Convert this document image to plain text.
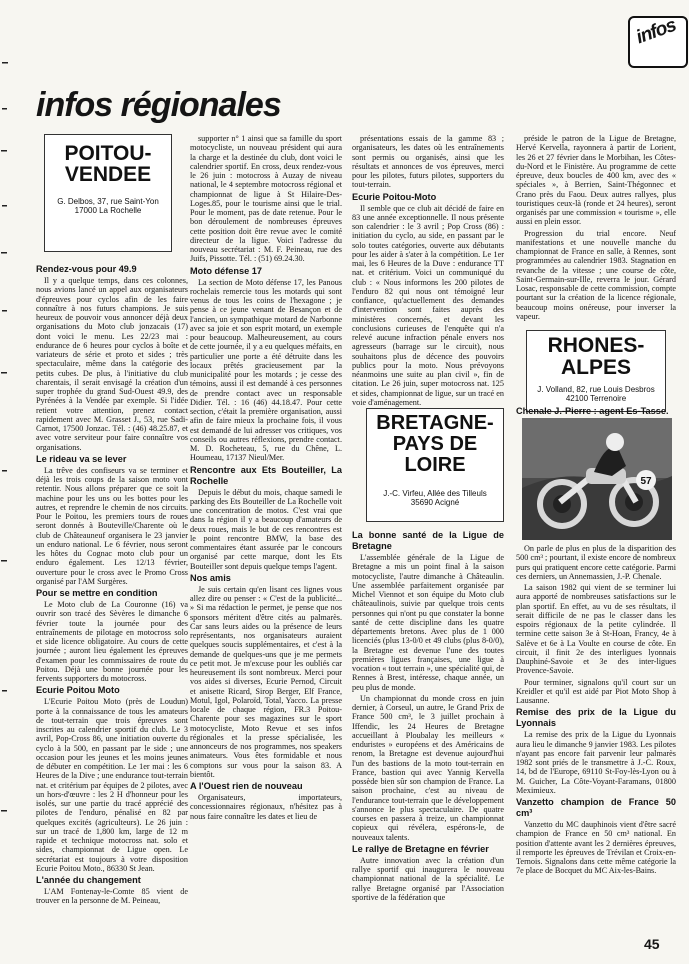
infos
infos régionales
Rendez-vous pour 49.9

Il y a quelque temps, dans ces colonnes, nous avions lancé un appel aux organisateurs d'épreuves pour cyclos afin de les faire connaître à nos futurs champions. Je suis heureux de pouvoir vous annoncer déjà deux organisations du Moto club jonzacais (17) dont voici le menu. Les 22/23 mai : endurance de 6 heures pour cyclos à boîte et variateurs de série et proto et sides ; très spectaculaire, même dans la catégorie des petits cubes. De plus, à l'initiative du club charentais, il serait envisagé la création d'un super trophée du grand Sud-Ouest 49.9, des Pyrénées à la Vendée par exemple. Si l'idée retient votre attention, prenez contact rapidement avec M. Grasset J., 53, rue Sadi-Carnot, 17500 Jonzac. Tél. : (46) 48.25.87, et avec votre serviteur pour faire connaître vos organisations.

Le rideau va se lever

La trêve des confiseurs va se terminer et déjà les trois coups de la saison moto vont retentir. Nous allons préparer que ce soit la machine pour les uns ou les bottes pour les autres, et reprendre le chemin de nos circuits. Pour le Poitou, les premiers tours de roues seront donnés à Bouteville/Charente où le club de Châteauneuf organisera le 23 janvier un enduro national. Le 6 février, nous seront les hôtes du Cognac moto club pour un enduro également. Les 12/13 février, ouverture pour le cross avec le Promo Cross organisé par l'AM Surgères.

Pour se mettre en condition

Le Moto club de La Couronne (16) va ouvrir son tracé des Sèvères le dimanche 6 février toute la journée pour des entraînements de pilotage en motocross solo et side licence obligatoire. Au cours de cette journée ; auront lieu également les épreuves d'examen pour les commissaires de route du Poitou. Déjà une bonne journée pour les fervents supporters du motocross.

Ecurie Poitou Moto

L'Ecurie Poitou Moto (près de Loudun) porte à la connaissance de tous les amateurs de tout-terrain que trois épreuves sont inscrites au calendrier sportif du club. Le 3 avril, Pop-Cross 86, une initiation ouverte du cyclo à la 500, en passant par le side ; une occasion pour les jeunes et les moins jeunes de débuter en compétition. Le 1er mai : les 6 Heures de la Dive ; une endurance tout-terrain nat. et critérium par équipes de 2 pilotes, avec un hors-d'œuvre : les 2 H d'honneur pour les isolés, sur une partie du tracé apprécié des pilotes de l'enduro, pénalisé en 82 par quelques excités (agriculteurs). Le 26 juin : sur un tracé de 1,800 km, large de 12 m rapide et technique motocross nat. solo et sides, championnat de Ligue open. Le secrétariat est toujours à votre disposition Ecurie Poitou Moto., 86330 St Jean.

L'année du changement

L'AM Fontenay-le-Comte 85 vient de trouver en la personne de M. Peineau,

POITOU-
VENDEE
G. Delbos, 37, rue Saint-Yon
17000 La Rochelle

supporter n° 1 ainsi que sa famille du sport motocycliste, un nouveau président qui aura la charge et la destinée du club, dont voici le calendrier sportif. En cross, deux rendez-vous le 26 juin : motocross à Auzay de niveau national, le 4 septembre motocross régional et championnat de ligue à St Hilaire-Des-Loges.85, pour le tourisme ainsi que le trial. Pour le moment, pas de date retenue. Pour le bon déroulement de nombreuses épreuves cette position doit être revue avec le comité directeur de la ligue. Voici l'adresse du nouveau secrétariat : M. F. Peineau, rue des Juifs, Pissotte. Tél. : (51) 69.24.30.

Moto défense 17

La section de Moto défense 17, les Panous rochelais remercie tous les motards qui sont venus de tous les coins de l'hexagone ; je pense à ce jeune venant de Besançon et de l'ancien, un sympathique motard de Narbonne avec sa joie et son esprit motard, un exemple pour beaucoup. Malheureusement, au cours de cette journée, il y a eu quelques méfaits, en particulier une porte a été détruite dans les locaux prêtés gracieusement par la municipalité pour les motards ; je cesse des témoins, aussi il est demandé à ces personnes de prendre contact avec un responsable Didier. Tél. : 16 (46) 44.18.47. Pour cette section, c'était la première organisation, aussi afin de faire mieux la prochaine fois, il vous est demandé de lui adresser vos critiques, vos conseils ou autres réflexions, prendre contact. M. D. Rocheteau, 5, rue du Chêne, L. Houmeau, 17137 Nieul/Mer.

Rencontre aux Ets Bouteiller, La Rochelle

Depuis le début du mois, chaque samedi le parking des Ets Bouteiller de La Rochelle voit une concentration de motos. C'est vrai que dans la région il y a beaucoup d'amateurs de deux roues, mais le but de ces rencontres est le point rencontre BMW, la base des commentaires étant assurée par le concours organisé par cette marque, dont les Ets Bouteiller sont depuis quelque temps l'agent.

Nos amis

Je suis certain qu'en lisant ces lignes vous allez dire ou penser : « C'est de la publicité... » Si ma rédaction le permet, je pense que nos sponsors méritent d'être cités au palmarès. Car sans leurs aides ou la présence de leurs représentants, nos organisateurs auraient quelques soucis supplémentaires, et c'est à la demande de quelques-uns que je me permets ce petit mot. Je m'excuse pour les oubliés car heureusement ils sont nombreux. Merci pour vos aides si diverses, Ecurie Pernod, Circuit et anisette Ricard, Sirop Berger, Elf France, Motul, Igol, Polaroïd, Total, Yacco. La presse locale de chaque région, FR.3 Poitou-Charente pour ses magazines sur le sport motocycliste, Moto Revue et ses infos régionales et la presse spécialisée, les annonceurs de nos programmes, nos speakers animateurs. Vous êtes formidable et nous comptons sur vous pour la saison 83. A bientôt.

A l'Ouest rien de nouveau

Organisateurs, importateurs, concessionnaires régionaux, n'hésitez pas à nous faire connaître les dates et lieu de

présentations essais de la gamme 83 ; organisateurs, les dates où les entraînements sont permis ou organisés, ainsi que les résultats et annonces de vos épreuves, merci pour les pilotes, futurs pilotes, supporters du tout-terrain.

Ecurie Poitou-Moto

Il semble que ce club ait décidé de faire en 83 une année exceptionnelle. Il nous présente son calendrier : le 3 avril ; Pop Cross (86) : initiation du cyclo, au side, en passant par le solo toutes catégories, ouverte aux débutants pour les aider à s'ater à la compétition. Le 1er mai, les 6 Heures de la Duve : endurance TT nat. et critérium. Voici un communiqué du club : « Nous informons les 200 pilotes de l'enduro 82 qui nous ont témoigné leur confiance, qu'actuellement des demandes d'intervention sont faites auprès des ministères concernés, et devant les conclusions curieuses de l'enquête qui n'a relevé aucune infraction pénale envers nos agresseurs (barrage sur le circuit), nous souhaitons plus de décence des pouvoirs publics pour la moto. Nous prévoyons néanmoins une suite au plan civil », fin de citation. Le 26 juin, super motocross nat. 125 et sides, championnat de ligue, sur un tracé en voie d'aménagement.

BRETAGNE-
PAYS DE
LOIRE
J.-C. Virfeu, Allée des Tilleuls
35690 Acigné
La bonne santé de la Ligue de Bretagne

L'assemblée générale de la Ligue de Bretagne a mis un point final à la saison motocycliste, l'autre dimanche à Châteaulin. Une assemblée parfaitement organisée par Michel Viennot et son équipe du Moto club châteaulinois, suivie par quelque trois cents personnes qui n'ont pu que constater la bonne santé de cette discipline dans les quatre départements bretons. Avec plus de 1 000 licenciés (plus 13-0/0 et 49 clubs (plus 8-0/0), la Bretagne est devenue l'une des toutes premières ligues françaises, une ligue à vocation « tout terrain », une spécialité qui, de Rennes à Brest, intéresse, chaque année, un peu plus de monde.

Un championnat du monde cross en juin dernier, à Corseul, un autre, le Grand Prix de France 500 cm³, le 3 juillet prochain à Iffendic, les 24 Heures de Bretagne accueillant à Ploubalay les meilleurs « enduristes » européens et des Américains de renom, la Bretagne est devenue aujourd'hui l'un des bastions de la moto tout-terrain en France, bastion qui avec Yannig Kervella possède bien sûr son champion de France. La saison prochaine, c'est au niveau de l'endurance tout-terrain que le développement s'annonce le plus spectaculaire. De quatre courses en passera à treize, un championnat copieux qui révélera, espérons-le, de nouveaux talents.

Le rallye de Bretagne en février

Autre innovation avec la création d'un rallye sportif qui inaugurera le nouveau championnat national de la spécialité. Le rallye Bretagne organisé par l'Association sportive de la fédération que

préside le patron de la Ligue de Bretagne, Hervé Kervella, rayonnera à partir de Lorient, les 26 et 27 février dans le Morbihan, les Côtes-du-Nord et le Finistère. Au programme de cette épreuve, deux boucles de 400 km, avec des « spéciales », à Berrien, Saint-Thégonnec et Crano près du Faou. Deux autres rallyes, plus touristiques ceux-là (ronde et 24 heures), seront organisés par une commission « tourisme », elle aussi en plein essor.

Progression du trial encore. Neuf manifestations et une nouvelle manche du championnat de France en salle, à Rennes, sont programmées au calendrier 1983. Stagnation en revanche de la vitesse ; une course de côte, Saint-Germain-sur-Ille, reverra le jour. Gérard Losac, responsable de cette commission, compte pourtant sur la création de la licence régionale, beaucoup moins onéreuse, pour inverser la vapeur.

RHONES-
ALPES
J. Volland, 82, rue Louis Desbros
42100 Terrenoire
Chenale J.-Pierre : agent Es-Tasse.
57

On parle de plus en plus de la disparition des 500 cm³ ; pourtant, il existe encore de nombreux purs qui pratiquent encore cette catégorie. Parmi ces derniers, un Annemassien, J.-P. Chenale.

La saison 1982 qui vient de se terminer lui aura apporté de nombreuses satisfactions sur le plan sportif. En effet, au vu de ses résultats, il serait difficile de ne pas le classer dans les espoirs régionaux de la petite cylindrée. Il termine cette saison 3e à St-Hoan, Francy, 4e à Salève et 6e à La Voulte en course de côte. En circuit, il finit 2e des interligues lyonnais Dauphiné-Savoie et 3e des inter-ligues Provence-Savoie.

Pour terminer, signalons qu'il court sur un Kreidler et qu'il est aidé par Piot Moto Shop à Lausanne.

Remise des prix de la Ligue du Lyonnais

La remise des prix de la Ligue du Lyonnais aura lieu le dimanche 9 janvier 1983. Les pilotes n'ayant pas encore fait parvenir leur palmarès 1982 sont priés de le transmettre à J.-C. Roux, 14, bd de l'Europe, 69110 St-Foy-lès-Lyon ou à M. Guicher, La Côte-Voyant-Faramans, 01800 Meximieux.

Vanzetto champion de France 50 cm³

Vanzetto du MC dauphinois vient d'être sacré champion de France en 50 cm³ national. En position d'attente avant les 2 dernières épreuves, il remporte les épreuves de Trévilan et Croix-en-Ternois. Signalons dans cette même catégorie la 7e place de Bocquet du MC Aix-les-Bains.

45
